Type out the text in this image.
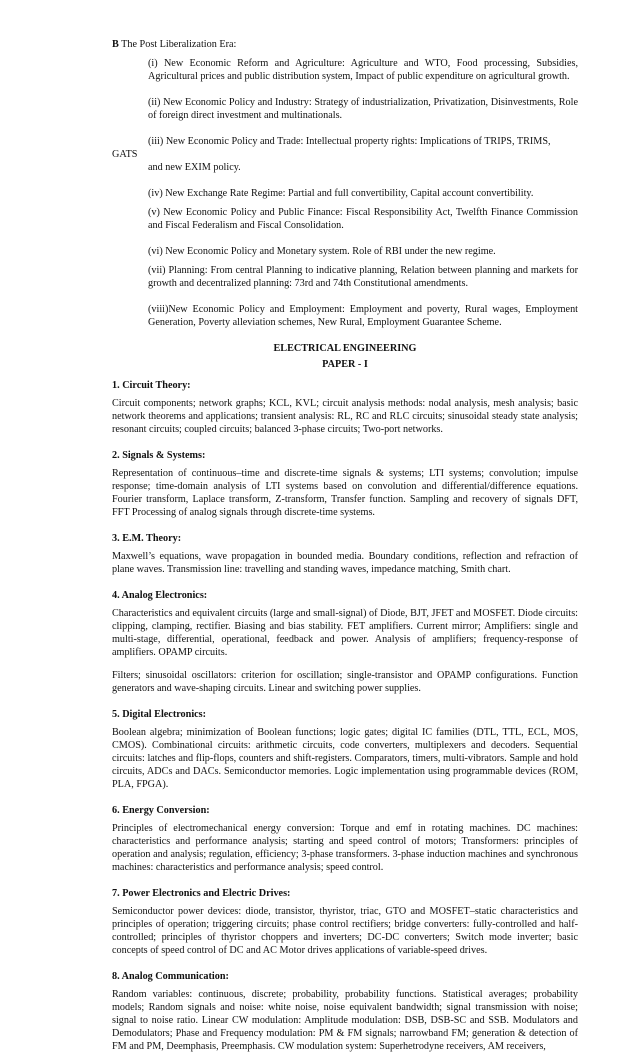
B The Post Liberalization Era:

(i) New Economic Reform and Agriculture: Agriculture and WTO, Food processing, Subsidies, Agricultural prices and public distribution system, Impact of public expenditure on agricultural growth.

(ii) New Economic Policy and Industry: Strategy of industrialization, Privatization, Disinvestments, Role of foreign direct investment and multinationals.

(iii) New Economic Policy and Trade: Intellectual property rights: Implications of TRIPS, TRIMS,

GATS

and new EXIM policy.

(iv) New Exchange Rate Regime: Partial and full convertibility, Capital account convertibility.

(v) New Economic Policy and Public Finance: Fiscal Responsibility Act, Twelfth Finance Commission and Fiscal Federalism and Fiscal Consolidation.

(vi) New Economic Policy and Monetary system. Role of RBI under the new regime.

(vii) Planning: From central Planning to indicative planning, Relation between planning and markets for growth and decentralized planning: 73rd and 74th Constitutional amendments.

(viii)New Economic Policy and Employment: Employment and poverty, Rural wages, Employment Generation, Poverty alleviation schemes, New Rural, Employment Guarantee Scheme.

ELECTRICAL ENGINEERING

PAPER - I

1. Circuit Theory:

Circuit components; network graphs; KCL, KVL; circuit analysis methods: nodal analysis, mesh analysis; basic network theorems and applications; transient analysis: RL, RC and RLC circuits; sinusoidal steady state analysis; resonant circuits; coupled circuits; balanced 3-phase circuits; Two-port networks.

2. Signals & Systems:

Representation of continuous–time and discrete-time signals & systems; LTI systems; convolution; impulse response; time-domain analysis of LTI systems based on convolution and differential/difference equations. Fourier transform, Laplace transform, Z-transform, Transfer function. Sampling and recovery of signals DFT, FFT Processing of analog signals through discrete-time systems.

3. E.M. Theory:

Maxwell’s equations, wave propagation in bounded media. Boundary conditions, reflection and refraction of plane waves. Transmission line: travelling and standing waves, impedance matching, Smith chart.

4. Analog Electronics:

Characteristics and equivalent circuits (large and small-signal) of Diode, BJT, JFET and MOSFET. Diode circuits: clipping, clamping, rectifier. Biasing and bias stability. FET amplifiers. Current mirror; Amplifiers: single and multi-stage, differential, operational, feedback and power. Analysis of amplifiers; frequency-response of amplifiers. OPAMP circuits.

Filters; sinusoidal oscillators: criterion for oscillation; single-transistor and OPAMP configurations. Function generators and wave-shaping circuits. Linear and switching power supplies.

5. Digital Electronics:

Boolean algebra; minimization of Boolean functions; logic gates; digital IC families (DTL, TTL, ECL, MOS, CMOS). Combinational circuits: arithmetic circuits, code converters, multiplexers and decoders. Sequential circuits: latches and flip-flops, counters and shift-registers. Comparators, timers, multi-vibrators. Sample and hold circuits, ADCs and DACs. Semiconductor memories. Logic implementation using programmable devices (ROM, PLA, FPGA).

6. Energy Conversion:

Principles of electromechanical energy conversion: Torque and emf in rotating machines. DC machines: characteristics and performance analysis; starting and speed control of motors; Transformers: principles of operation and analysis; regulation, efficiency; 3-phase transformers. 3-phase induction machines and synchronous machines: characteristics and performance analysis; speed control.

7. Power Electronics and Electric Drives:

Semiconductor power devices: diode, transistor, thyristor, triac, GTO and MOSFET–static characteristics and principles of operation; triggering circuits; phase control rectifiers; bridge converters: fully-controlled and half-controlled; principles of thyristor choppers and inverters; DC-DC converters; Switch mode inverter; basic concepts of speed control of DC and AC Motor drives applications of variable-speed drives.

8. Analog Communication:

Random variables: continuous, discrete; probability, probability functions. Statistical averages; probability models; Random signals and noise: white noise, noise equivalent bandwidth; signal transmission with noise; signal to noise ratio. Linear CW modulation: Amplitude modulation: DSB, DSB-SC and SSB. Modulators and Demodulators; Phase and Frequency modulation: PM & FM signals; narrowband FM; generation & detection of FM and PM, Deemphasis, Preemphasis. CW modulation system: Superhetrodyne receivers, AM receivers,
